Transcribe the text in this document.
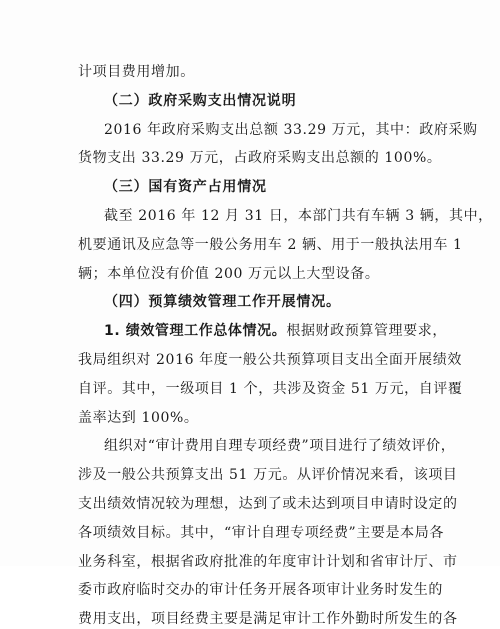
计项目费用增加。
（二）政府采购支出情况说明
2016 年政府采购支出总额 33.29 万元，其中：政府采购
货物支出 33.29 万元，占政府采购支出总额的 100%。
（三）国有资产占用情况
截至 2016 年 12 月 31 日，本部门共有车辆 3 辆，其中，
机要通讯及应急等一般公务用车 2 辆、用于一般执法用车 1
辆；本单位没有价值 200 万元以上大型设备。
（四）预算绩效管理工作开展情况。
1. 绩效管理工作总体情况。根据财政预算管理要求，
我局组织对 2016 年度一般公共预算项目支出全面开展绩效
自评。其中，一级项目 1 个，共涉及资金 51 万元，自评覆
盖率达到 100%。
组织对“审计费用自理专项经费”项目进行了绩效评价，
涉及一般公共预算支出 51 万元。从评价情况来看，该项目
支出绩效情况较为理想，达到了或未达到项目申请时设定的
各项绩效目标。其中，“审计自理专项经费”主要是本局各
业务科室，根据省政府批准的年度审计计划和省审计厅、市
委市政府临时交办的审计任务开展各项审计业务时发生的
费用支出，项目经费主要是满足审计工作外勤时所发生的各
